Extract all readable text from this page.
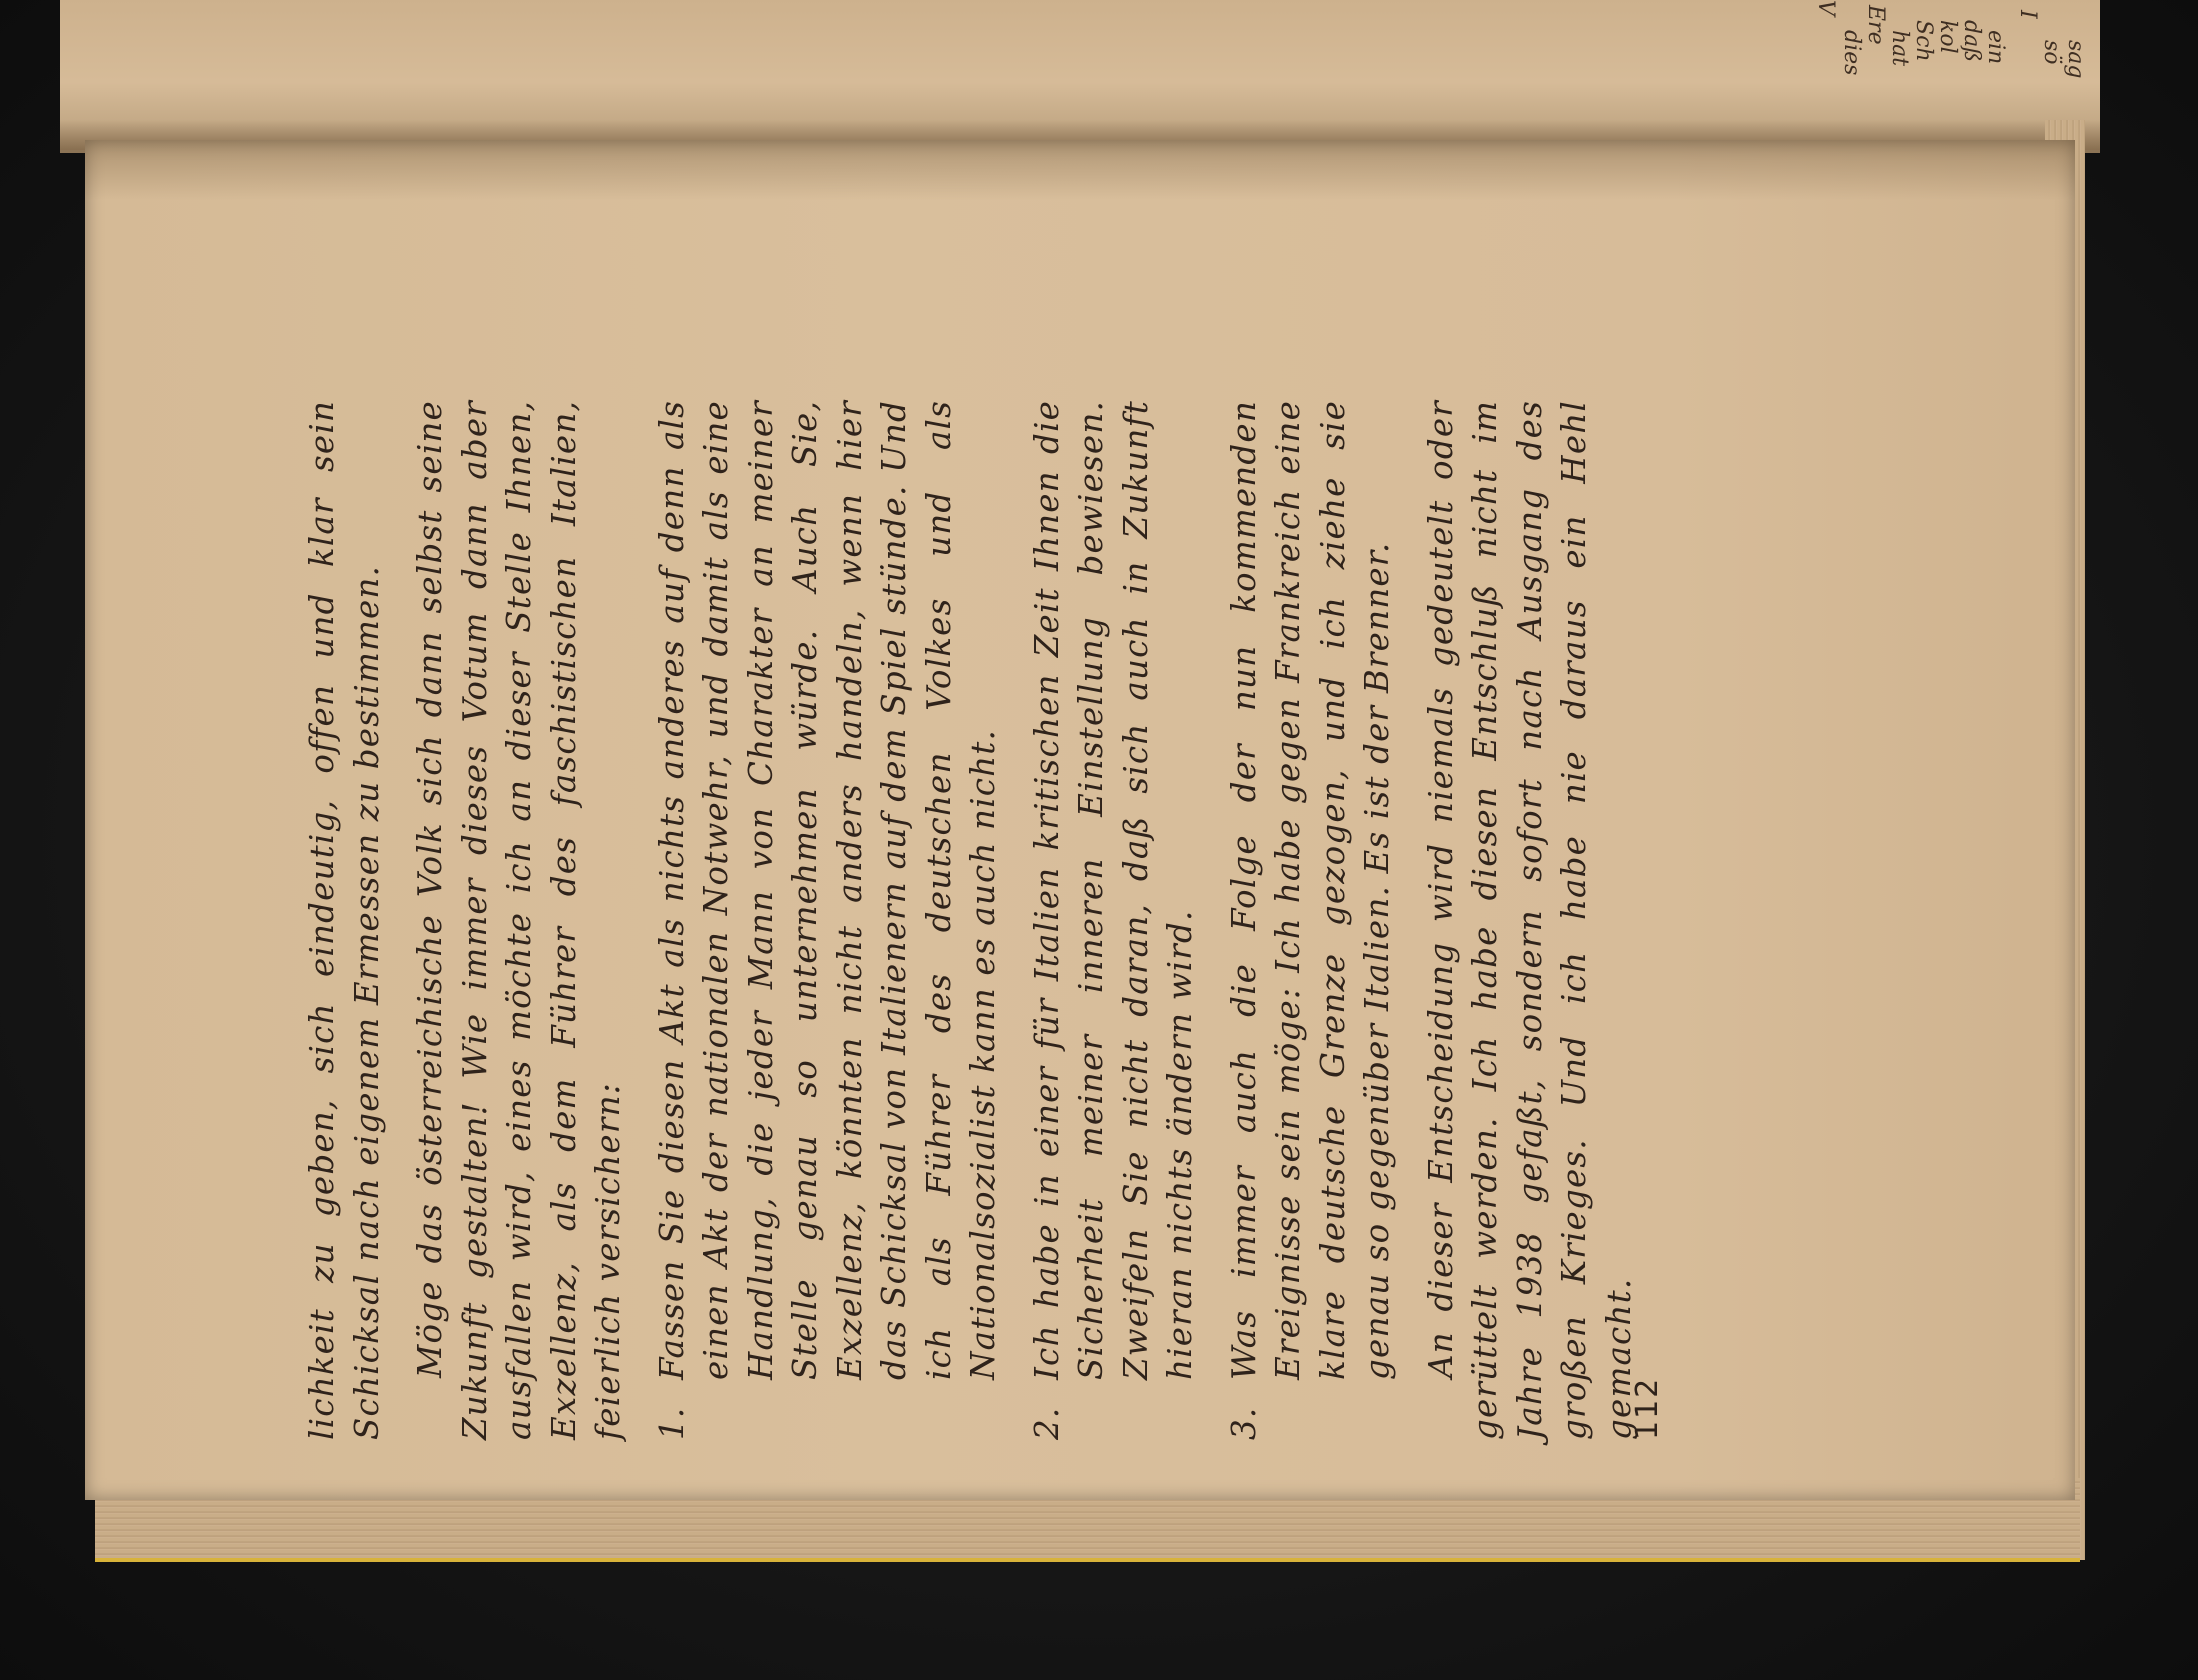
V
dies
Ere
hat Sch kol daß ein
I
sö sag

lichkeit zu geben, sich eindeutig, offen und klar sein Schicksal nach eigenem Ermessen zu bestimmen. Möge das österreichische Volk sich dann selbst seine Zukunft gestalten! Wie immer dieses Votum dann aber ausfallen wird, eines möchte ich an dieser Stelle Ihnen, Exzellenz, als dem Führer des faschistischen Italien, feierlich versichern: 1.
Fassen Sie diesen Akt als nichts anderes auf denn als einen Akt der nationalen Notwehr, und damit als eine Handlung, die jeder Mann von Charakter an meiner Stelle genau so unternehmen würde. Auch Sie, Exzellenz, könnten nicht anders handeln, wenn hier das Schicksal von Italienern auf dem Spiel stünde. Und ich als Führer des deutschen Volkes und als Nationalsozialist kann es auch nicht.
2.
Ich habe in einer für Italien kritischen Zeit Ihnen die Sicherheit meiner inneren Einstellung bewiesen. Zweifeln Sie nicht daran, daß sich auch in Zukunft hieran nichts ändern wird.
3.
Was immer auch die Folge der nun kommenden Ereignisse sein möge: Ich habe gegen Frankreich eine klare deutsche Grenze gezogen, und ich ziehe sie genau so gegenüber Italien. Es ist der Brenner. An dieser Entscheidung wird niemals gedeutelt oder gerüttelt werden. Ich habe diesen Entschluß nicht im Jahre 1938 gefaßt, sondern sofort nach Ausgang des großen Krieges. Und ich habe nie daraus ein Hehl gemacht.

112
